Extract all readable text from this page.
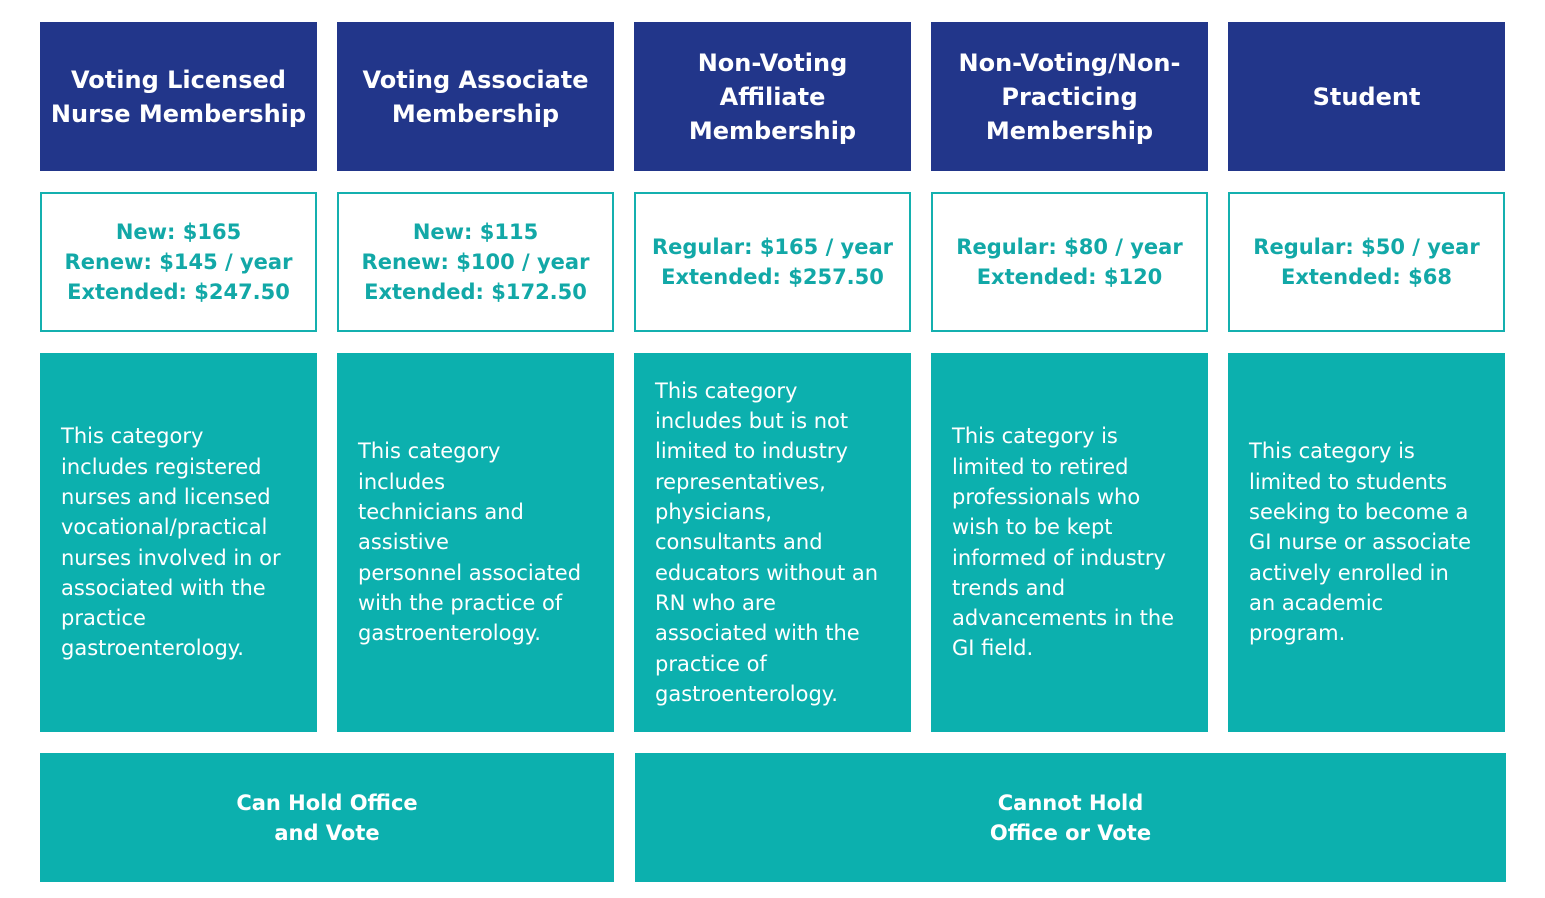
Voting Licensed
Nurse Membership
Voting Associate
Membership
Non-Voting
Affiliate
Membership
Non-Voting/Non-
Practicing
Membership
Student
New: $165
Renew: $145 / year
Extended: $247.50
New: $115
Renew: $100 / year
Extended: $172.50
Regular: $165 / year
Extended: $257.50
Regular: $80 / year
Extended: $120
Regular: $50 / year
Extended: $68
This category
includes registered
nurses and licensed
vocational/practical
nurses involved in or
associated with the
practice
gastroenterology.
This category
includes
technicians and
assistive
personnel associated
with the practice of
gastroenterology.
This category
includes but is not
limited to industry
representatives,
physicians,
consultants and
educators without an
RN who are
associated with the
practice of
gastroenterology.
This category is
limited to retired
professionals who
wish to be kept
informed of industry
trends and
advancements in the
GI field.
This category is
limited to students
seeking to become a
GI nurse or associate
actively enrolled in
an academic
program.
Can Hold Office
and Vote
Cannot Hold
Office or Vote
